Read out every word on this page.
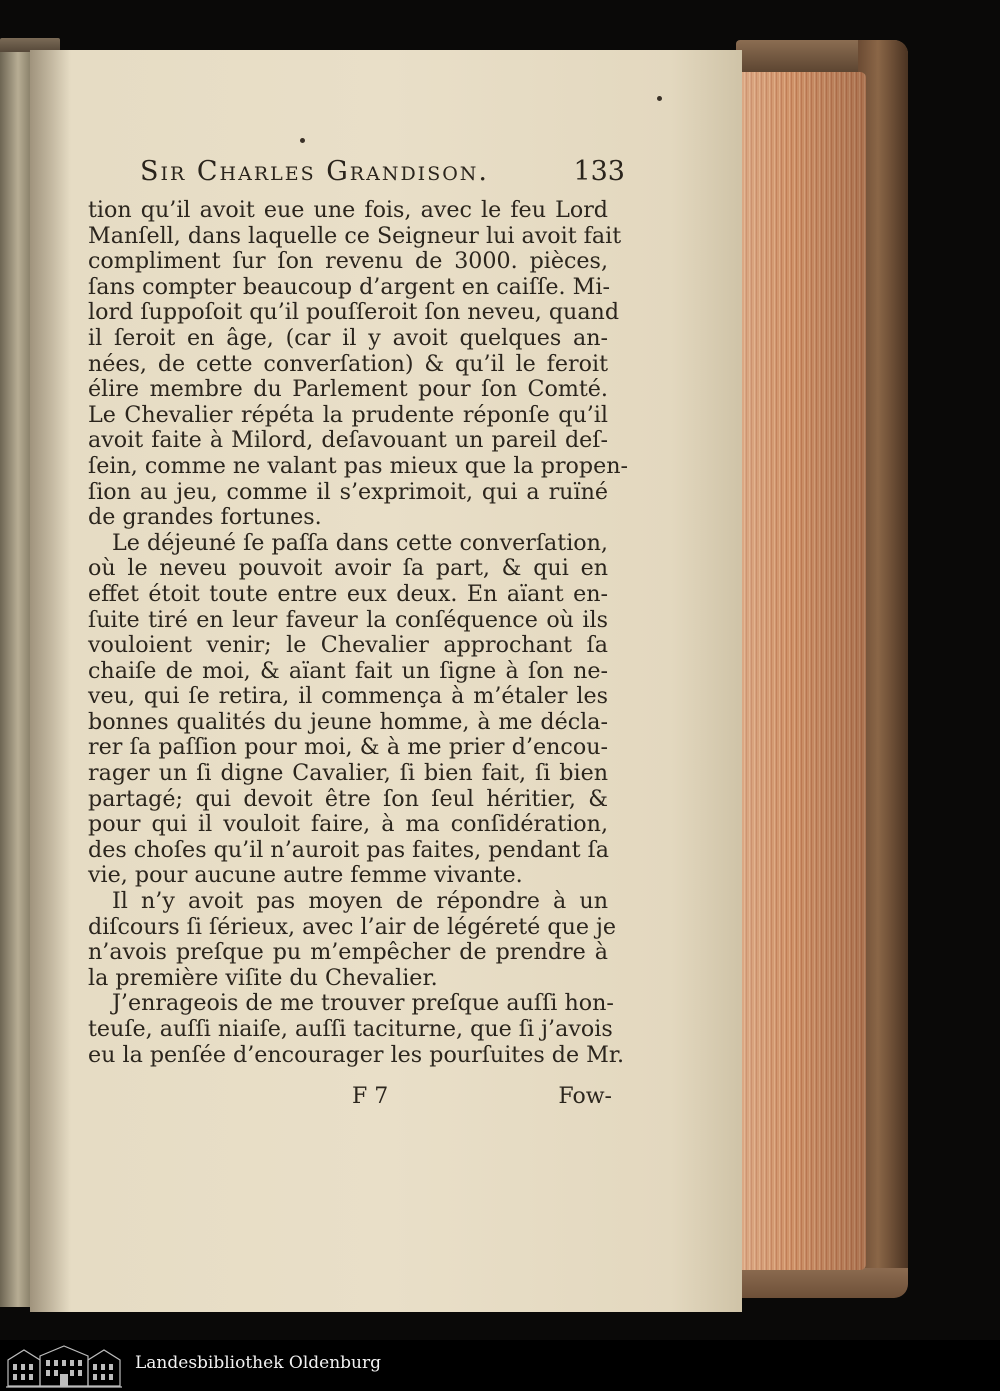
Sir Charles Grandison.	133
tion qu’il avoit eue une fois, avec le feu Lord
Manſell, dans laquelle ce Seigneur lui avoit fait
compliment ſur ſon revenu de 3000. pièces,
ſans compter beaucoup d’argent en caiſſe. Mi-
lord ſuppoſoit qu’il pouſſeroit ſon neveu, quand
il ſeroit en âge, (car il y avoit quelques an-
nées, de cette converſation) & qu’il le feroit
élire membre du Parlement pour ſon Comté.
Le Chevalier répéta la prudente réponſe qu’il
avoit faite à Milord, deſavouant un pareil deſ-
ſein, comme ne valant pas mieux que la propen-
ſion au jeu, comme il s’exprimoit, qui a ruïné
de grandes fortunes.
Le déjeuné ſe paſſa dans cette converſation,
où le neveu pouvoit avoir ſa part, & qui en
effet étoit toute entre eux deux. En aïant en-
ſuite tiré en leur faveur la conſéquence où ils
vouloient venir; le Chevalier approchant ſa
chaiſe de moi, & aïant fait un ſigne à ſon ne-
veu, qui ſe retira, il commença à m’étaler les
bonnes qualités du jeune homme, à me décla-
rer ſa paſſion pour moi, & à me prier d’encou-
rager un ſi digne Cavalier, ſi bien fait, ſi bien
partagé; qui devoit être ſon ſeul héritier, &
pour qui il vouloit faire, à ma conſidération,
des choſes qu’il n’auroit pas faites, pendant ſa
vie, pour aucune autre femme vivante.
Il n’y avoit pas moyen de répondre à un
diſcours ſi ſérieux, avec l’air de légéreté que je
n’avois preſque pu m’empêcher de prendre à
la première viſite du Chevalier.
J’enrageois de me trouver preſque auſſi hon-
teuſe, auſſi niaiſe, auſſi taciturne, que ſi j’avois
eu la penſée d’encourager les pourſuites de Mr.
F 7	Fow-
Landesbibliothek Oldenburg
